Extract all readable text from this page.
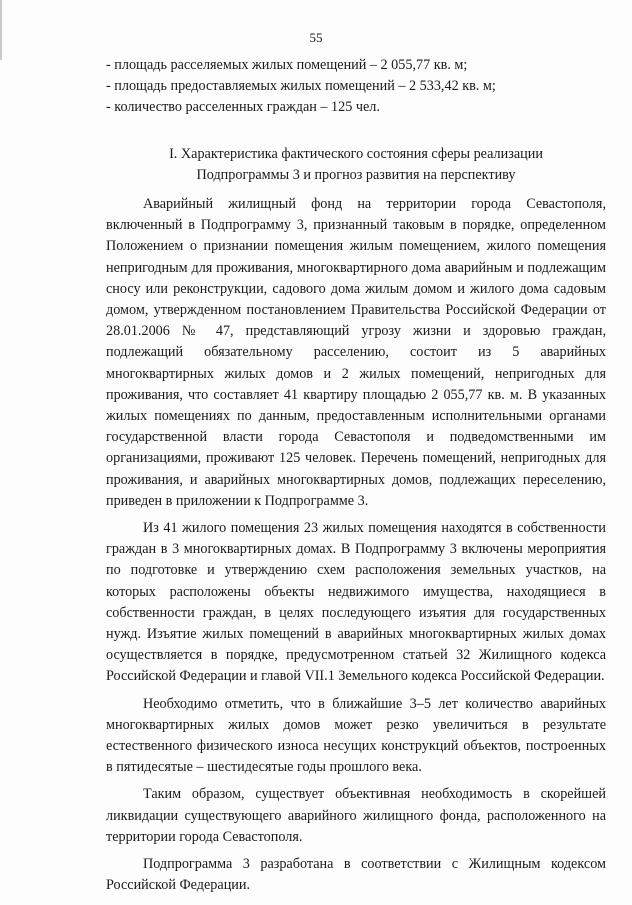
55
- площадь расселяемых жилых помещений – 2 055,77 кв. м;
- площадь предоставляемых жилых помещений – 2 533,42 кв. м;
- количество расселенных граждан – 125 чел.
I. Характеристика фактического состояния сферы реализации
Подпрограммы 3 и прогноз развития на перспективу

Аварийный жилищный фонд на территории города Севастополя, включенный в Подпрограмму 3, признанный таковым в порядке, определенном Положением о признании помещения жилым помещением, жилого помещения непригодным для проживания, многоквартирного дома аварийным и подлежащим сносу или реконструкции, садового дома жилым домом и жилого дома садовым домом, утвержденном постановлением Правительства Российской Федерации от 28.01.2006 № 47, представляющий угрозу жизни и здоровью граждан, подлежащий обязательному расселению, состоит из 5 аварийных многоквартирных жилых домов и 2 жилых помещений, непригодных для проживания, что составляет 41 квартиру площадью 2 055,77 кв. м. В указанных жилых помещениях по данным, предоставленным исполнительными органами государственной власти города Севастополя и подведомственными им организациями, проживают 125 человек. Перечень помещений, непригодных для проживания, и аварийных многоквартирных домов, подлежащих переселению, приведен в приложении к Подпрограмме 3.

Из 41 жилого помещения 23 жилых помещения находятся в собственности граждан в 3 многоквартирных домах. В Подпрограмму 3 включены мероприятия по подготовке и утверждению схем расположения земельных участков, на которых расположены объекты недвижимого имущества, находящиеся в собственности граждан, в целях последующего изъятия для государственных нужд. Изъятие жилых помещений в аварийных многоквартирных жилых домах осуществляется в порядке, предусмотренном статьей 32 Жилищного кодекса Российской Федерации и главой VII.1 Земельного кодекса Российской Федерации.

Необходимо отметить, что в ближайшие 3–5 лет количество аварийных многоквартирных жилых домов может резко увеличиться в результате естественного физического износа несущих конструкций объектов, построенных в пятидесятые – шестидесятые годы прошлого века.

Таким образом, существует объективная необходимость в скорейшей ликвидации существующего аварийного жилищного фонда, расположенного на территории города Севастополя.

Подпрограмма 3 разработана в соответствии с Жилищным кодексом Российской Федерации.
